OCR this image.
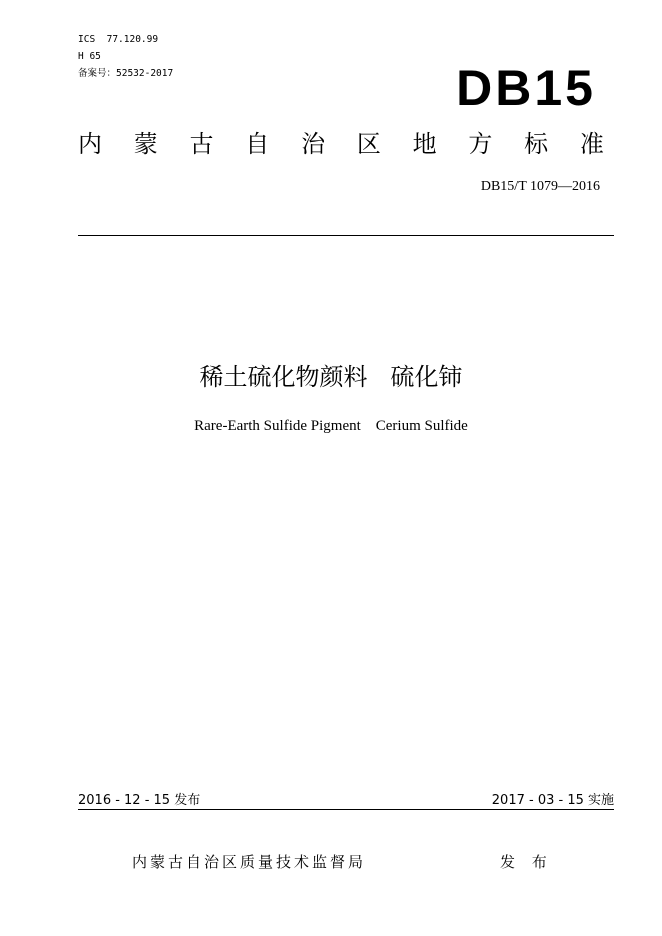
ICS  77.120.99
H 65
备案号：52532-2017	DB15
内 蒙 古 自 治 区 地 方 标 准
DB15/T 1079—2016
稀土硫化物颜料   硫化铈
Rare-Earth Sulfide Pigment    Cerium Sulfide
2016 - 12 - 15 发布	2017 - 03 - 15 实施
内蒙古自治区质量技术监督局	发 布
